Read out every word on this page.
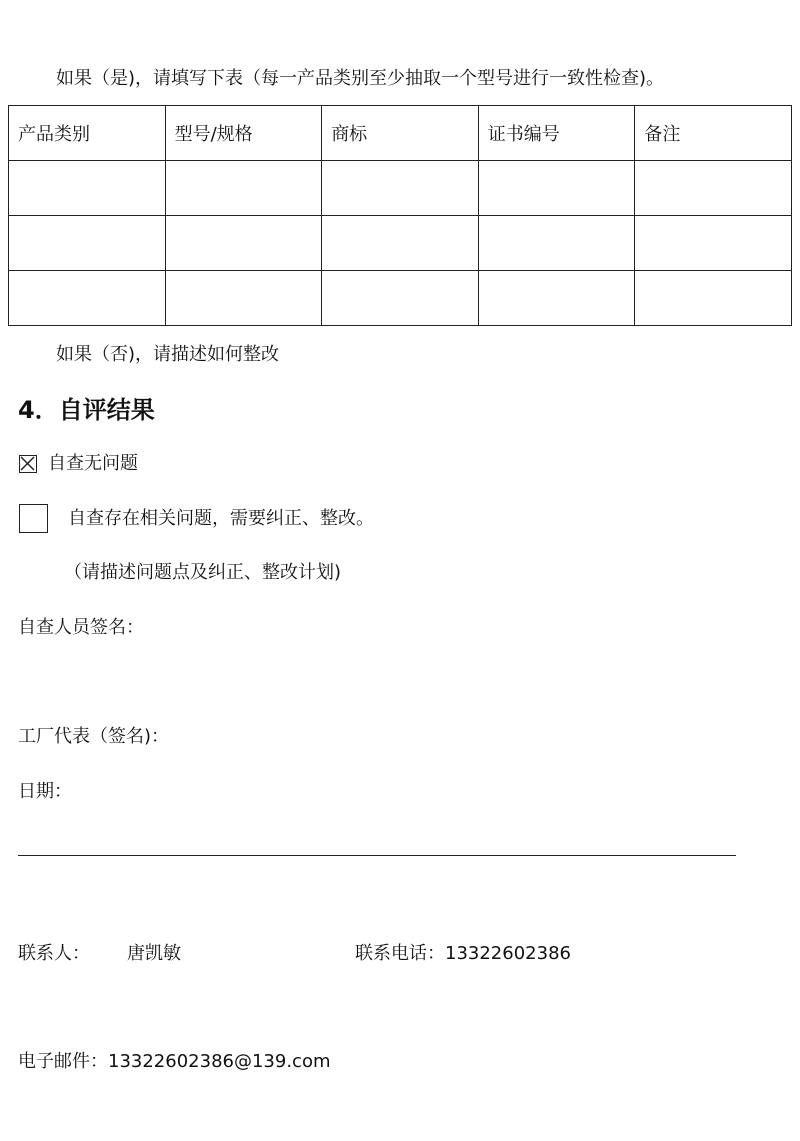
如果（是)，请填写下表（每一产品类别至少抽取一个型号进行一致性检查)。
产品类别	型号/规格	商标	证书编号	备注

如果（否)，请描述如何整改
4．自评结果
自查无问题
自查存在相关问题，需要纠正、整改。
（请描述问题点及纠正、整改计划)
自查人员签名：
工厂代表（签名)：
日期：
联系人： 唐凯敏	联系电话： 13322602386
电子邮件： 13322602386@139.com
